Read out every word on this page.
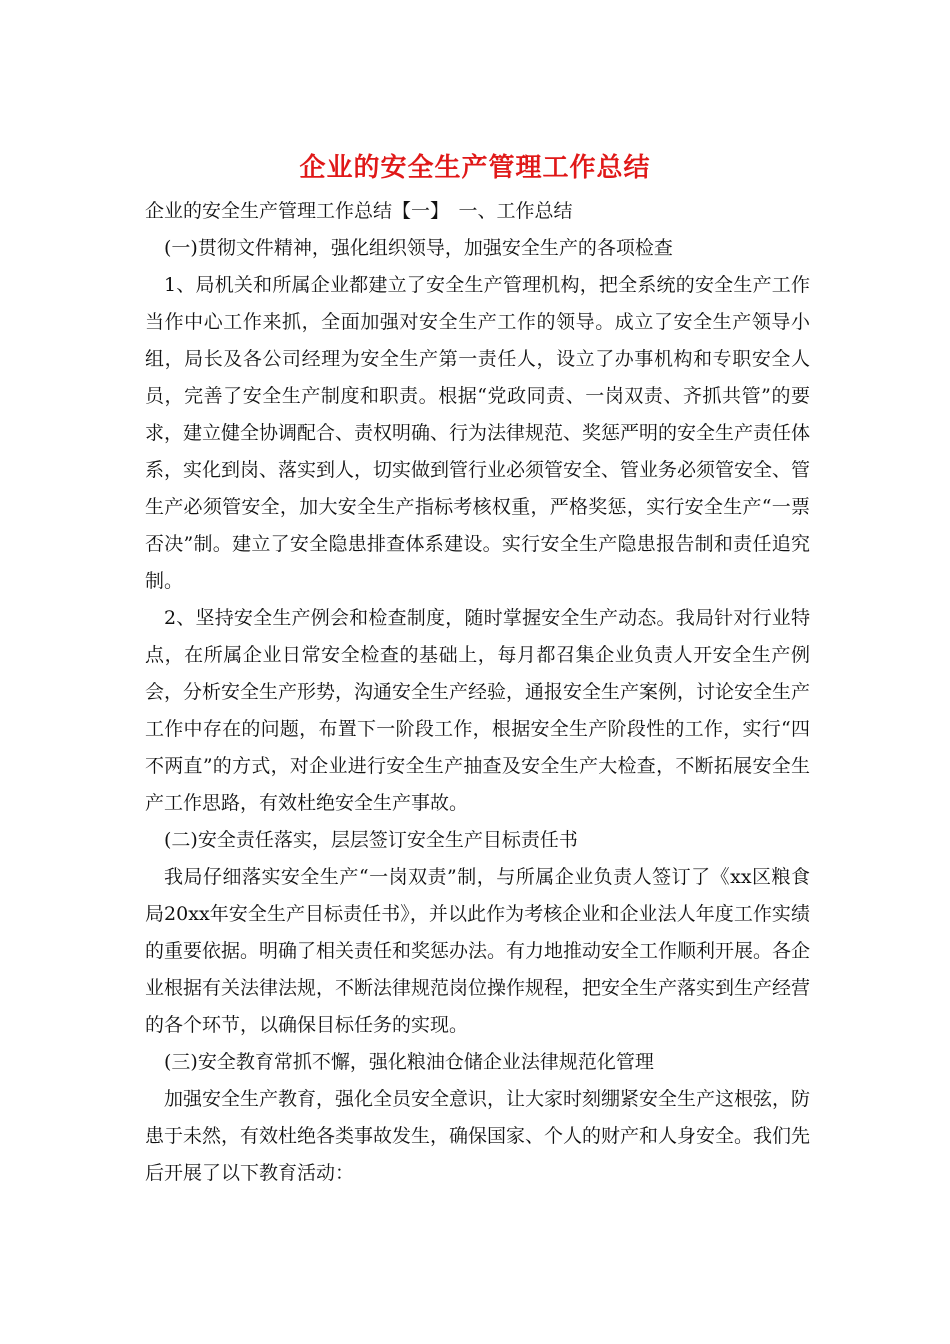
企业的安全生产管理工作总结

企业的安全生产管理工作总结【一】　一、工作总结

(一)贯彻文件精神，强化组织领导，加强安全生产的各项检查

1、局机关和所属企业都建立了安全生产管理机构，把全系统的安全生产工作当作中心工作来抓，全面加强对安全生产工作的领导。成立了安全生产领导小组，局长及各公司经理为安全生产第一责任人，设立了办事机构和专职安全人员，完善了安全生产制度和职责。根据“党政同责、一岗双责、齐抓共管”的要求，建立健全协调配合、责权明确、行为法律规范、奖惩严明的安全生产责任体系，实化到岗、落实到人，切实做到管行业必须管安全、管业务必须管安全、管生产必须管安全，加大安全生产指标考核权重，严格奖惩，实行安全生产“一票否决”制。建立了安全隐患排查体系建设。实行安全生产隐患报告制和责任追究制。

2、坚持安全生产例会和检查制度，随时掌握安全生产动态。我局针对行业特点，在所属企业日常安全检查的基础上，每月都召集企业负责人开安全生产例会，分析安全生产形势，沟通安全生产经验，通报安全生产案例，讨论安全生产工作中存在的问题，布置下一阶段工作，根据安全生产阶段性的工作，实行“四不两直”的方式，对企业进行安全生产抽查及安全生产大检查，不断拓展安全生产工作思路，有效杜绝安全生产事故。

(二)安全责任落实，层层签订安全生产目标责任书

我局仔细落实安全生产“一岗双责”制，与所属企业负责人签订了《xx区粮食局20xx年安全生产目标责任书》，并以此作为考核企业和企业法人年度工作实绩的重要依据。明确了相关责任和奖惩办法。有力地推动安全工作顺利开展。各企业根据有关法律法规，不断法律规范岗位操作规程，把安全生产落实到生产经营的各个环节，以确保目标任务的实现。

(三)安全教育常抓不懈，强化粮油仓储企业法律规范化管理

加强安全生产教育，强化全员安全意识，让大家时刻绷紧安全生产这根弦，防患于未然，有效杜绝各类事故发生，确保国家、个人的财产和人身安全。我们先后开展了以下教育活动：
